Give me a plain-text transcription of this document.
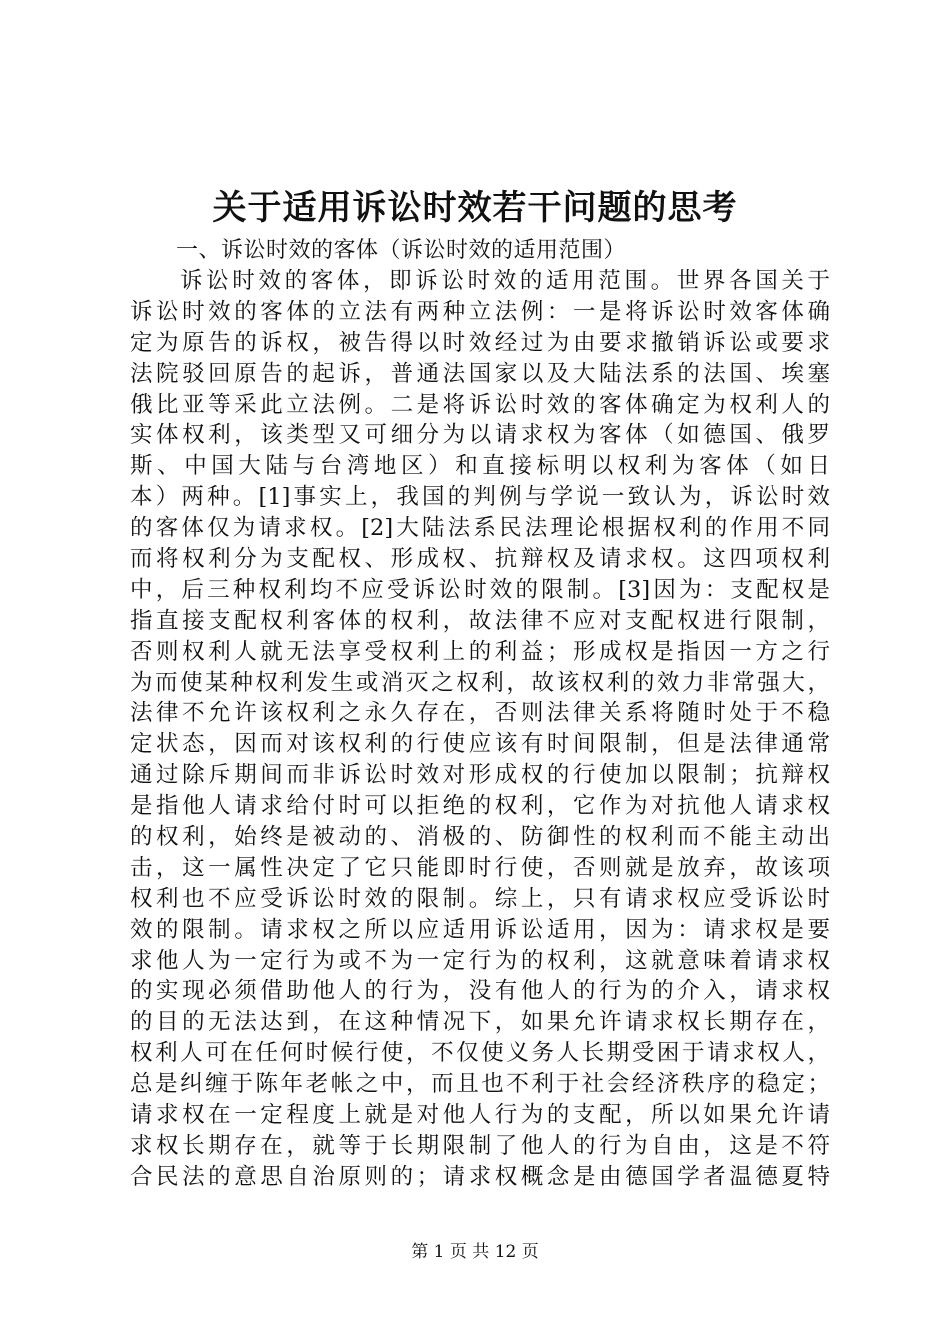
关于适用诉讼时效若干问题的思考
一、诉讼时效的客体（诉讼时效的适用范围）
诉讼时效的客体，即诉讼时效的适用范围。世界各国关于
诉讼时效的客体的立法有两种立法例：一是将诉讼时效客体确
定为原告的诉权，被告得以时效经过为由要求撤销诉讼或要求
法院驳回原告的起诉，普通法国家以及大陆法系的法国、埃塞
俄比亚等采此立法例。二是将诉讼时效的客体确定为权利人的
实体权利，该类型又可细分为以请求权为客体（如德国、俄罗
斯、中国大陆与台湾地区）和直接标明以权利为客体（如日
本）两种。[1]事实上，我国的判例与学说一致认为，诉讼时效
的客体仅为请求权。[2]大陆法系民法理论根据权利的作用不同
而将权利分为支配权、形成权、抗辩权及请求权。这四项权利
中，后三种权利均不应受诉讼时效的限制。[3]因为：支配权是
指直接支配权利客体的权利，故法律不应对支配权进行限制，
否则权利人就无法享受权利上的利益；形成权是指因一方之行
为而使某种权利发生或消灭之权利，故该权利的效力非常强大，
法律不允许该权利之永久存在，否则法律关系将随时处于不稳
定状态，因而对该权利的行使应该有时间限制，但是法律通常
通过除斥期间而非诉讼时效对形成权的行使加以限制；抗辩权
是指他人请求给付时可以拒绝的权利，它作为对抗他人请求权
的权利，始终是被动的、消极的、防御性的权利而不能主动出
击，这一属性决定了它只能即时行使，否则就是放弃，故该项
权利也不应受诉讼时效的限制。综上，只有请求权应受诉讼时
效的限制。请求权之所以应适用诉讼适用，因为：请求权是要
求他人为一定行为或不为一定行为的权利，这就意味着请求权
的实现必须借助他人的行为，没有他人的行为的介入，请求权
的目的无法达到，在这种情况下，如果允许请求权长期存在，
权利人可在任何时候行使，不仅使义务人长期受困于请求权人，
总是纠缠于陈年老帐之中，而且也不利于社会经济秩序的稳定；
请求权在一定程度上就是对他人行为的支配，所以如果允许请
求权长期存在，就等于长期限制了他人的行为自由，这是不符
合民法的意思自治原则的；请求权概念是由德国学者温德夏特
第 1 页 共 12 页
